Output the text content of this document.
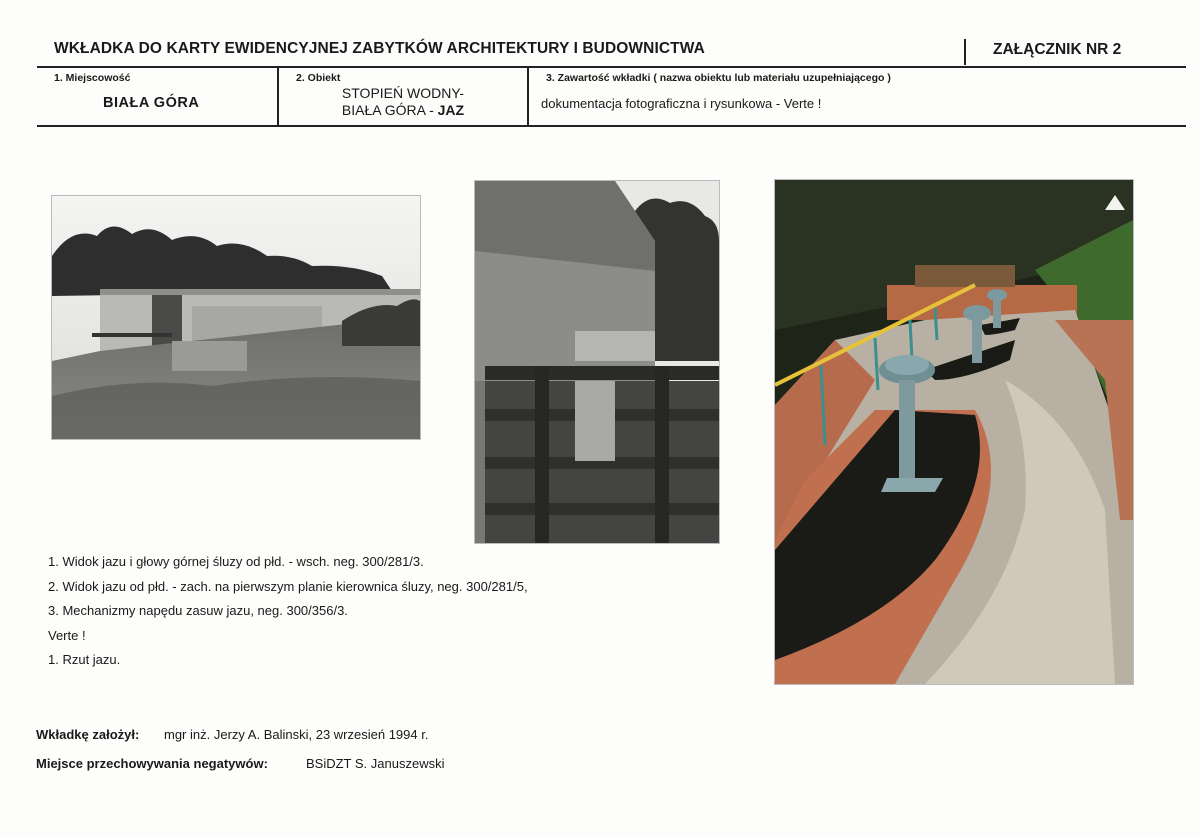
WKŁADKA DO KARTY EWIDENCYJNEJ ZABYTKÓW ARCHITEKTURY I BUDOWNICTWA	ZAŁĄCZNIK NR 2
1. Miejscowość
BIAŁA GÓRA
2. Obiekt
STOPIEŃ WODNY-
BIAŁA GÓRA - JAZ
3. Zawartość wkładki ( nazwa obiektu lub materiału uzupełniającego )
dokumentacja fotograficzna i rysunkowa - Verte !
1. Widok jazu i głowy górnej śluzy od płd. - wsch. neg. 300/281/3.
2. Widok jazu od płd. - zach. na pierwszym planie kierownica śluzy, neg. 300/281/5,
3. Mechanizmy napędu zasuw jazu, neg. 300/356/3.
Verte !
1. Rzut jazu.
Wkładkę założył: mgr inż. Jerzy A. Balinski, 23 wrzesień 1994 r.
Miejsce przechowywania negatywów:	BSiDZT S. Januszewski
